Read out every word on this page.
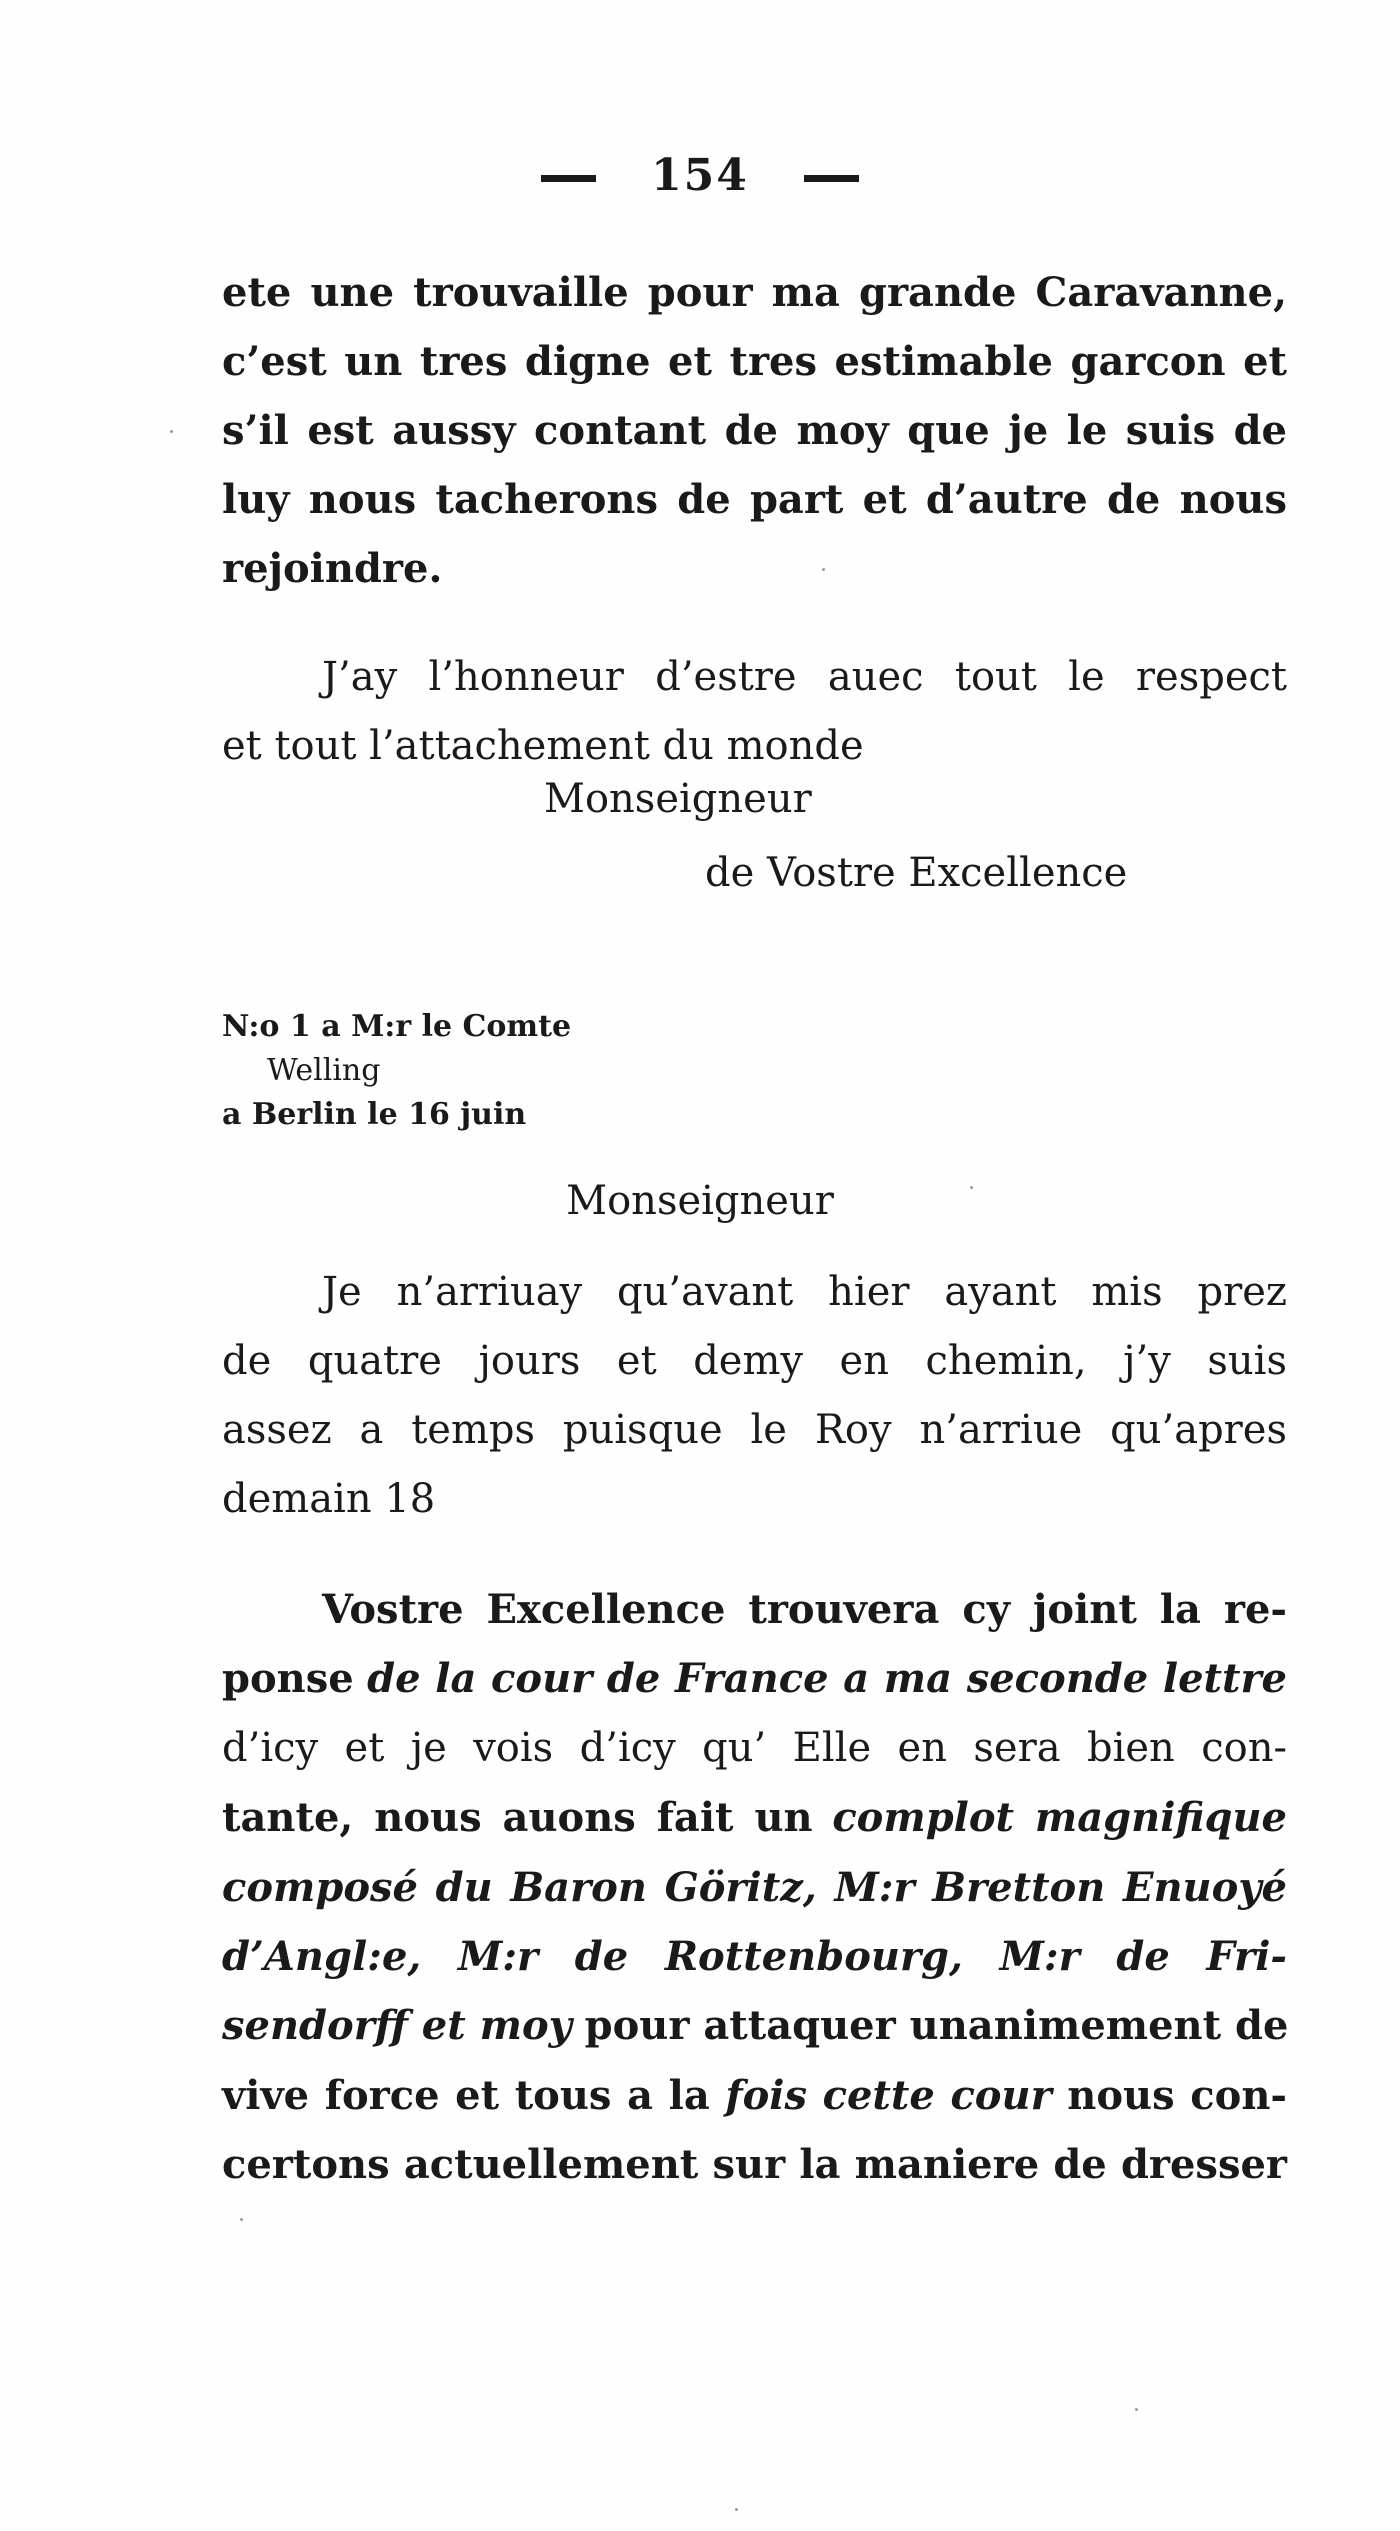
154
ete une trouvaille pour ma grande Caravanne,
c’est un tres digne et tres estimable garcon et
s’il est aussy contant de moy que je le suis de
luy nous tacherons de part et d’autre de nous
rejoindre.
J’ay l’honneur d’estre auec tout le respect
et tout l’attachement du monde
Monseigneur
de Vostre Excellence
N:o 1 a M:r le Comte
Welling
a Berlin le 16 juin
Monseigneur
Je n’arriuay qu’avant hier ayant mis prez
de quatre jours et demy en chemin, j’y suis
assez a temps puisque le Roy n’arriue qu’apres
demain 18
Vostre Excellence trouvera cy joint la re-
ponse de la cour de France a ma seconde lettre
d’icy et je vois d’icy qu’ Elle en sera bien con-
tante, nous auons fait un complot magnifique
composé du Baron Göritz, M:r Bretton Enuoyé
d’Angl:e, M:r de Rottenbourg, M:r de Fri-
sendorff et moy pour attaquer unanimement de
vive force et tous a la fois cette cour nous con-
certons actuellement sur la maniere de dresser
